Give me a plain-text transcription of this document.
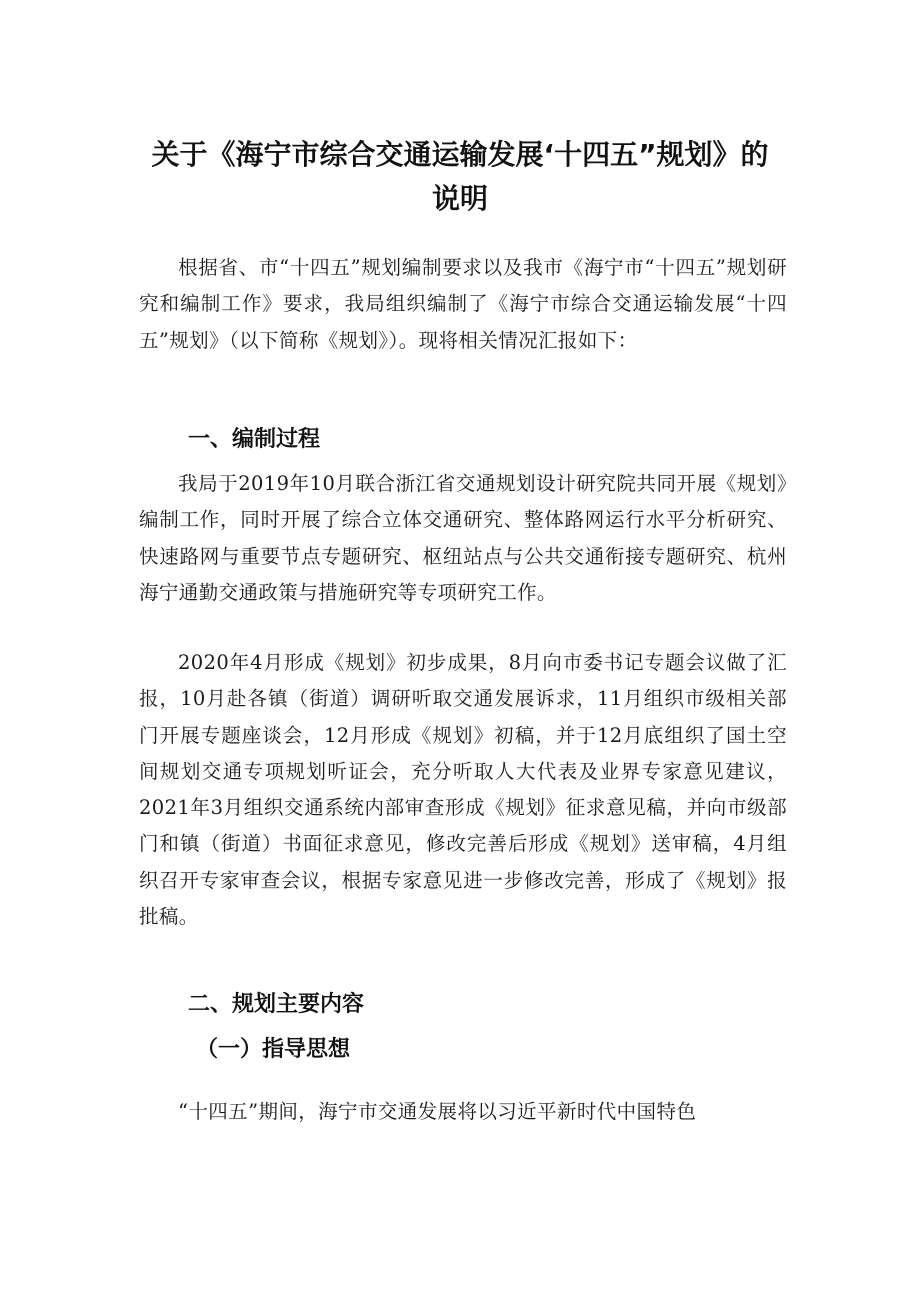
关于《海宁市综合交通运输发展‘十四五”规划》的
说明

根据省、市“十四五”规划编制要求以及我市《海宁市“十四五”规划研究和编制工作》要求，我局组织编制了《海宁市综合交通运输发展“十四五”规划》（以下简称《规划》）。现将相关情况汇报如下：

一、编制过程

我局于2019年10月联合浙江省交通规划设计研究院共同开展《规划》编制工作，同时开展了综合立体交通研究、整体路网运行水平分析研究、快速路网与重要节点专题研究、枢纽站点与公共交通衔接专题研究、杭州海宁通勤交通政策与措施研究等专项研究工作。

2020年4月形成《规划》初步成果，8月向市委书记专题会议做了汇报，10月赴各镇（街道）调研听取交通发展诉求，11月组织市级相关部门开展专题座谈会，12月形成《规划》初稿，并于12月底组织了国土空间规划交通专项规划听证会，充分听取人大代表及业界专家意见建议，2021年3月组织交通系统内部审查形成《规划》征求意见稿，并向市级部门和镇（街道）书面征求意见，修改完善后形成《规划》送审稿，4月组织召开专家审查会议，根据专家意见进一步修改完善，形成了《规划》报批稿。

二、规划主要内容
（一）指导思想

“十四五”期间，海宁市交通发展将以习近平新时代中国特色
